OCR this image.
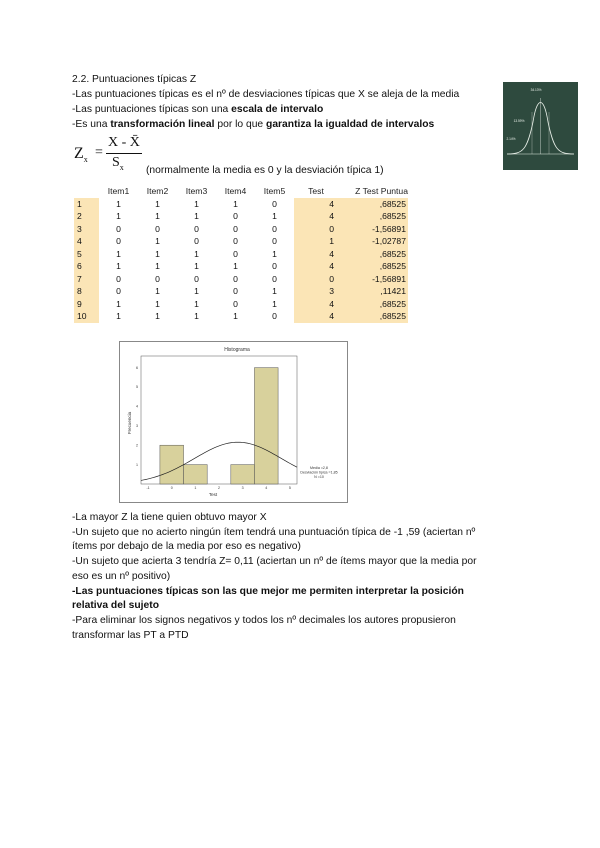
2.2. Puntuaciones típicas Z
-Las puntuaciones típicas es el nº de desviaciones típicas que X se aleja de la media
-Las puntuaciones típicas son una escala de intervalo
-Es una transformación lineal por lo que garantiza la igualdad de intervalos
$Z_x$ =
X - X̄
$S_x$ (normalmente la media es 0 y la desviación típica 1)
34.13%
13.59%
2.14%
	Item1	Item2	Item3	Item4	Item5	Test	Z Test Puntua
1	1	1	1	1	0	4	,68525
2	1	1	1	0	1	4	,68525
3	0	0	0	0	0	0	-1,56891
4	0	1	0	0	0	1	-1,02787
5	1	1	1	0	1	4	,68525
6	1	1	1	1	0	4	,68525
7	0	0	0	0	0	0	-1,56891
8	0	1	1	0	1	3	,11421
9	1	1	1	0	1	4	,68525
10	1	1	1	1	0	4	,68525
Histograma
Frecuencia
Test
-1	0	1	2	3	4	5
1
2
3
4
5
6
Media =2,8
Desviación típica =1,85
N =10
-La mayor Z la tiene quien obtuvo mayor X
-Un sujeto que no acierto ningún ítem tendrá una puntuación típica de -1 ,59 (aciertan nº
ítems por debajo de la media por eso es negativo)
-Un sujeto que acierta 3 tendría Z= 0,11 (aciertan un nº de ítems mayor que la media por
eso es un nº positivo)
-Las puntuaciones típicas son las que mejor me permiten interpretar la posición
relativa del sujeto
-Para eliminar los signos negativos y todos los nº decimales los autores propusieron
transformar las PT a PTD
